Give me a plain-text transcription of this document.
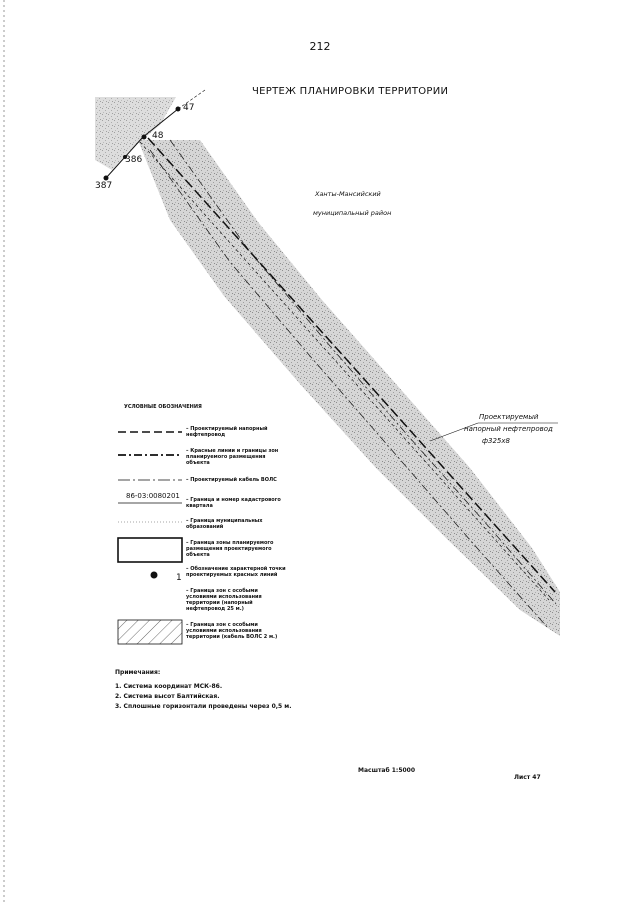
212
ЧЕРТЕЖ ПЛАНИРОВКИ ТЕРРИТОРИИ
47
48
386
387
Ханты-Мансийский
муниципальный район
Проектируемый
напорный нефтепровод
ф325х8
УСЛОВНЫЕ ОБОЗНАЧЕНИЯ
– Проектируемый напорный нефтепровод
– Красные линии и границы зон планируемого размещения объекта
– Проектируемый кабель ВОЛС
– Граница и номер кадастрового квартала
– Граница муниципальных образований
– Граница зоны планируемого размещения проектируемого объекта
– Обозначение характерной точки проектируемых красных линий
– Граница зон с особыми условиями использования территории (напорный нефтепровод 25 м.)
– Граница зон с особыми условиями использования территории (кабель ВОЛС 2 м.)
86-03:0080201
1
Примечания:
1. Система координат МСК-86.
2. Система высот Балтийская.
3. Сплошные горизонтали проведены через 0,5 м.
Масштаб 1:5000
Лист 47
